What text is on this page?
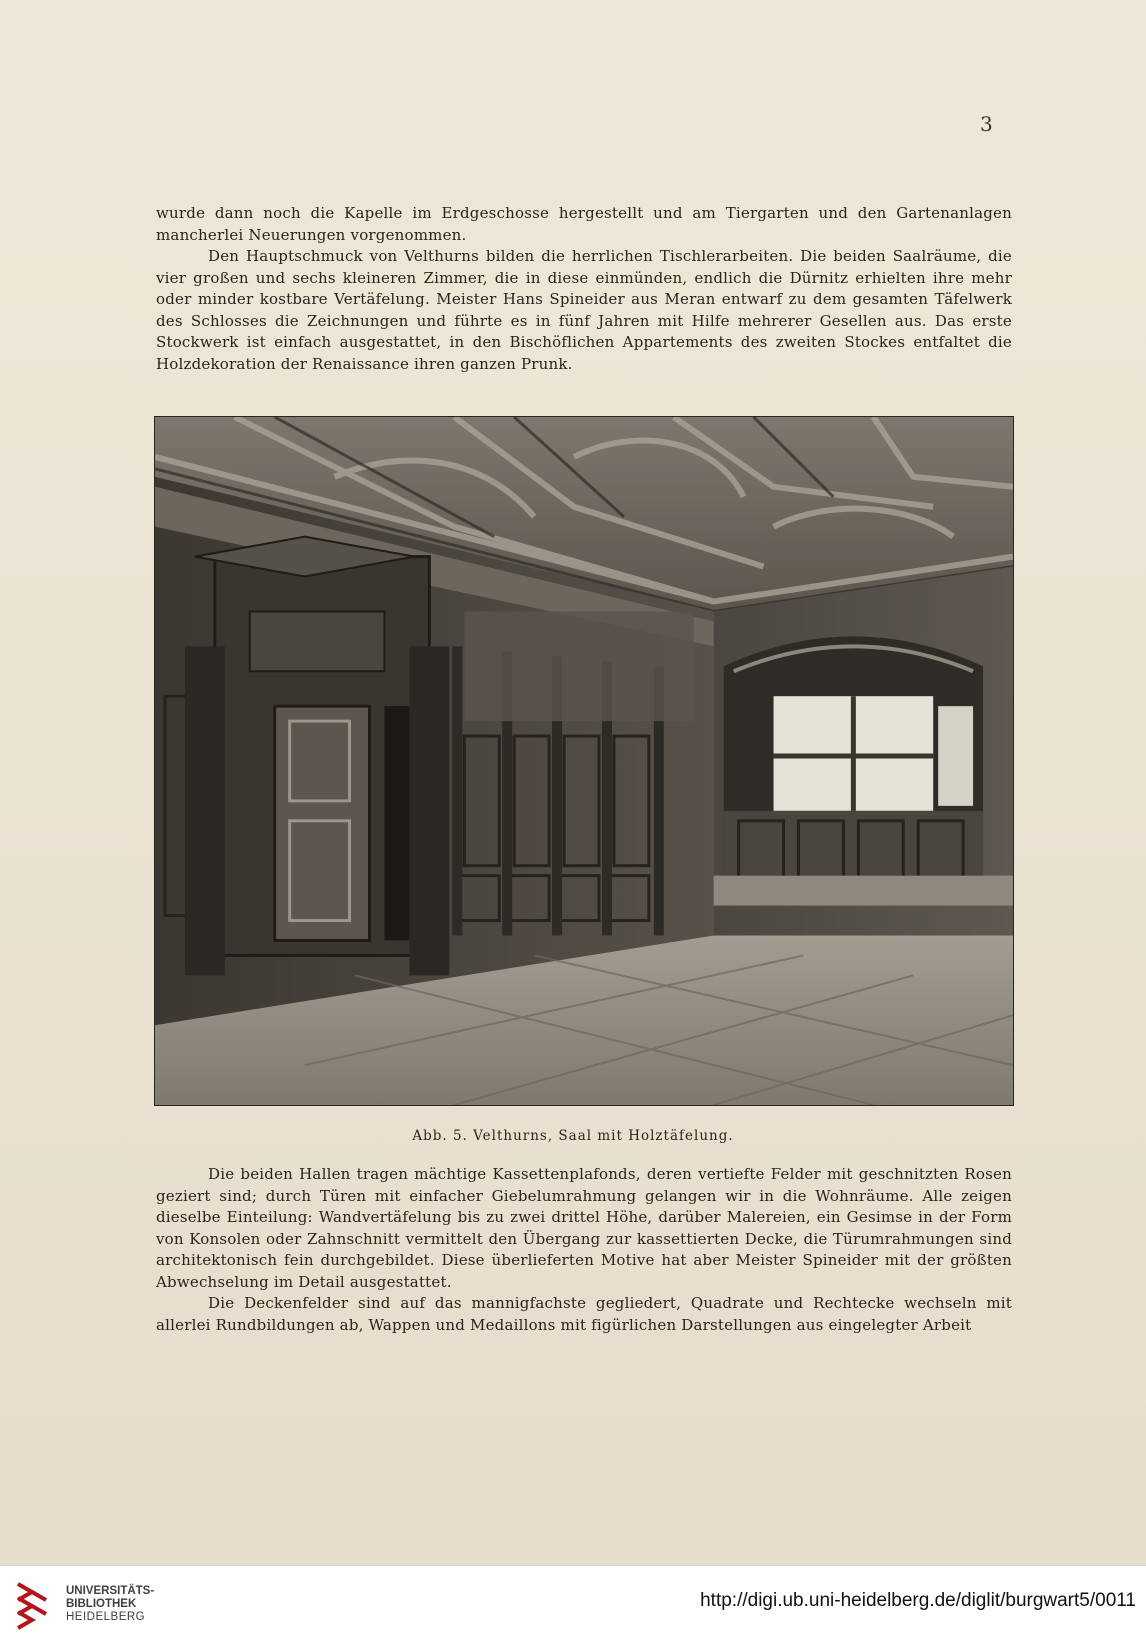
3

wurde dann noch die Kapelle im Erdgeschosse hergestellt und am Tiergarten und den Gartenanlagen mancherlei Neuerungen vorgenommen.

Den Hauptschmuck von Velthurns bilden die herrlichen Tischlerarbeiten. Die beiden Saalräume, die vier großen und sechs kleineren Zimmer, die in diese einmünden, endlich die Dürnitz erhielten ihre mehr oder minder kostbare Vertäfelung. Meister Hans Spineider aus Meran entwarf zu dem gesamten Täfelwerk des Schlosses die Zeichnungen und führte es in fünf Jahren mit Hilfe mehrerer Gesellen aus. Das erste Stockwerk ist einfach ausgestattet, in den Bischöflichen Appartements des zweiten Stockes entfaltet die Holzdekoration der Renaissance ihren ganzen Prunk.

Abb. 5. Velthurns, Saal mit Holztäfelung.

Die beiden Hallen tragen mächtige Kassettenplafonds, deren vertiefte Felder mit geschnitzten Rosen geziert sind; durch Türen mit einfacher Giebelumrahmung gelangen wir in die Wohnräume. Alle zeigen dieselbe Einteilung: Wandvertäfelung bis zu zwei drittel Höhe, darüber Malereien, ein Gesimse in der Form von Konsolen oder Zahnschnitt vermittelt den Übergang zur kassettierten Decke, die Türumrahmungen sind architektonisch fein durchgebildet. Diese überlieferten Motive hat aber Meister Spineider mit der größten Abwechselung im Detail ausgestattet.

Die Deckenfelder sind auf das mannigfachste gegliedert, Quadrate und Rechtecke wechseln mit allerlei Rundbildungen ab, Wappen und Medaillons mit figürlichen Darstellungen aus eingelegter Arbeit

UNIVERSITÄTS-
BIBLIOTHEK
HEIDELBERG
http://digi.ub.uni-heidelberg.de/diglit/burgwart5/0011
